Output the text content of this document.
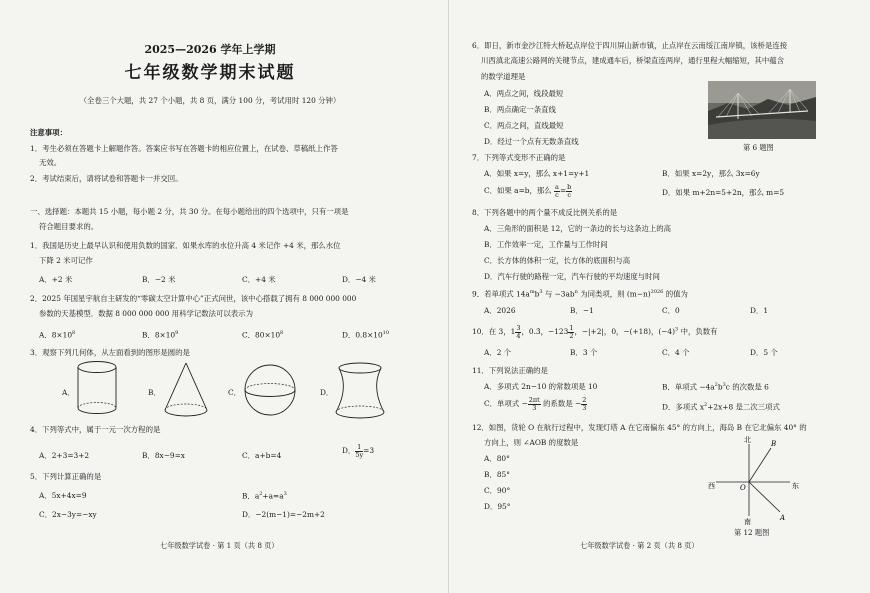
2025—2026 学年上学期
七年级数学期末试题
（全卷三个大题，共 27 个小题，共 8 页，满分 100 分，考试用时 120 分钟）
注意事项：
1．考生必须在答题卡上解题作答。答案应书写在答题卡的相应位置上，在试卷、草稿纸上作答
无效。
2．考试结束后，请将试卷和答题卡一并交回。
一、选择题：本题共 15 小题，每小题 2 分，共 30 分。在每小题给出的四个选项中，只有一项是
符合题目要求的。
1．我国是历史上最早认识和使用负数的国家．如果水库的水位升高 4 米记作 +4 米，那么水位
下降 2 米可记作
A．+2 米	B．−2 米	C．+4 米	D．−4 米
2．2025 年国星宇航自主研发的“零碳太空计算中心”正式问世，该中心搭载了拥有 8 000 000 000
参数的天基模型．数据 8 000 000 000 用科学记数法可以表示为
A．$8\times 10^8$	B．$8\times 10^9$	C．$80\times 10^8$	D．$0.8\times 10^{10}$
3．观察下列几何体，从左面看到的图形是圆的是
A．	B．	C．	D．
4．下列等式中，属于一元一次方程的是
A．2+3=3+2	B．8x−9=x	C．a+b=4
D． $\frac{1}{5y} =3$
5．下列计算正确的是
A．5x+4x=9	B．$a^2+a=a^3$
C．2x−3y=−xy	D．−2(m−1)=−2m+2
七年级数学试卷 · 第 1 页（共 8 页）
6．即日，新市金沙江特大桥起点岸位于四川屏山新市镇，止点岸在云南绥江南岸镇，该桥是连接
川西滇北高速公路网的关键节点，建成通车后，桥梁直连两岸，通行里程大幅缩短，其中蕴含
的数学道理是
A．两点之间，线段最短
B．两点确定一条直线
C．两点之间，直线最短
D．经过一个点有无数条直线
第 6 题图
7．下列等式变形不正确的是
A．如果 x=y，那么 x+1=y+1	B．如果 x=2y，那么 3x=6y
C．如果 a=b，那么 $\frac{a}{c} = \frac{b}{c}$	D．如果 m+2n=5+2n，那么 m=5
8．下列各题中的两个量不成反比例关系的是
A．三角形的面积是 12，它的一条边的长与这条边上的高
B．工作效率一定，工作量与工作时间
C．长方体的体积一定，长方体的底面积与高
D．汽车行驶的路程一定，汽车行驶的平均速度与时间
9．若单项式 $14a^mb^3$ 与 $-3ab^n$ 为同类项，则 $(m-n)^{2026}$ 的值为
A．2026	B．−1	C．0	D．1
10．在 3，$1 \frac{3}{4}$ ，0.3̇，$-123 \frac{1}{2}$ ，−|+2|，0，−(+18)，$(-4)^3$ 中，负数有
A．2 个	B．3 个	C．4 个	D．5 个
11．下列说法正确的是
A．多项式 2n−10 的常数项是 10	B．单项式 $-4a^2b^3c$ 的次数是 6
C．单项式 − $\frac{2\pi t}{3}$ 的系数是 − $\frac{2}{3}$	D．多项式 $x^2+2x+8$ 是二次三项式
12．如图，货轮 O 在航行过程中，发现灯塔 A 在它南偏东 45° 的方向上，海岛 B 在它北偏东 40° 的
方向上，则 ∠AOB 的度数是
A．80°
B．85°
C．90°
D．95°
北
南
西	东
O
A
B
第 12 题图
七年级数学试卷 · 第 2 页（共 8 页）
